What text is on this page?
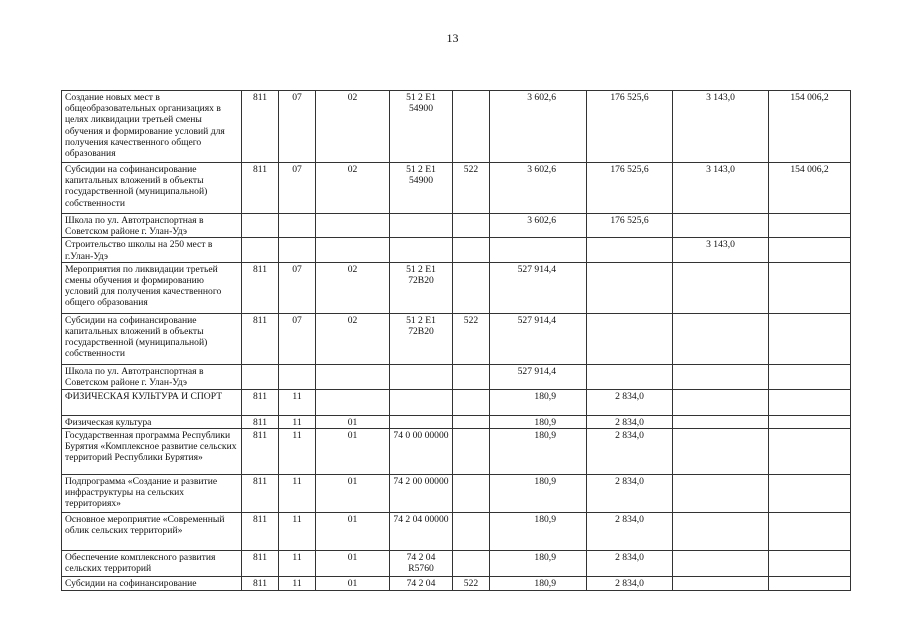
13
Создание новых мест в общеобразовательных организациях в целях ликвидации третьей смены обучения и формирование условий для получения качественного общего образования	811	07	02	51 2 E1 54900		3 602,6	176 525,6	3 143,0	154 006,2
Субсидии на софинансирование капитальных вложений в объекты государственной (муниципальной) собственности	811	07	02	51 2 E1 54900	522	3 602,6	176 525,6	3 143,0	154 006,2
Школа по ул. Автотранспортная в Советском районе г. Улан-Удэ						3 602,6	176 525,6		
Строительство школы на 250 мест в г.Улан-Удэ								3 143,0	
Мероприятия по ликвидации третьей смены обучения и формированию условий для получения качественного общего образования	811	07	02	51 2 E1 72B20		527 914,4			
Субсидии на софинансирование капитальных вложений в объекты государственной (муниципальной) собственности	811	07	02	51 2 E1 72B20	522	527 914,4			
Школа по ул. Автотранспортная в Советском районе г. Улан-Удэ						527 914,4			
ФИЗИЧЕСКАЯ КУЛЬТУРА И СПОРТ	811	11				180,9	2 834,0		
Физическая культура	811	11	01			180,9	2 834,0		
Государственная программа Республики Бурятия «Комплексное развитие сельских территорий Республики Бурятия»	811	11	01	74 0 00 00000		180,9	2 834,0		
Подпрограмма «Создание и развитие инфраструктуры на сельских территориях»	811	11	01	74 2 00 00000		180,9	2 834,0		
Основное мероприятие «Современный облик сельских территорий»	811	11	01	74 2 04 00000		180,9	2 834,0		
Обеспечение комплексного развития сельских территорий	811	11	01	74 2 04 R5760		180,9	2 834,0		
Субсидии на софинансирование	811	11	01	74 2 04	522	180,9	2 834,0		
